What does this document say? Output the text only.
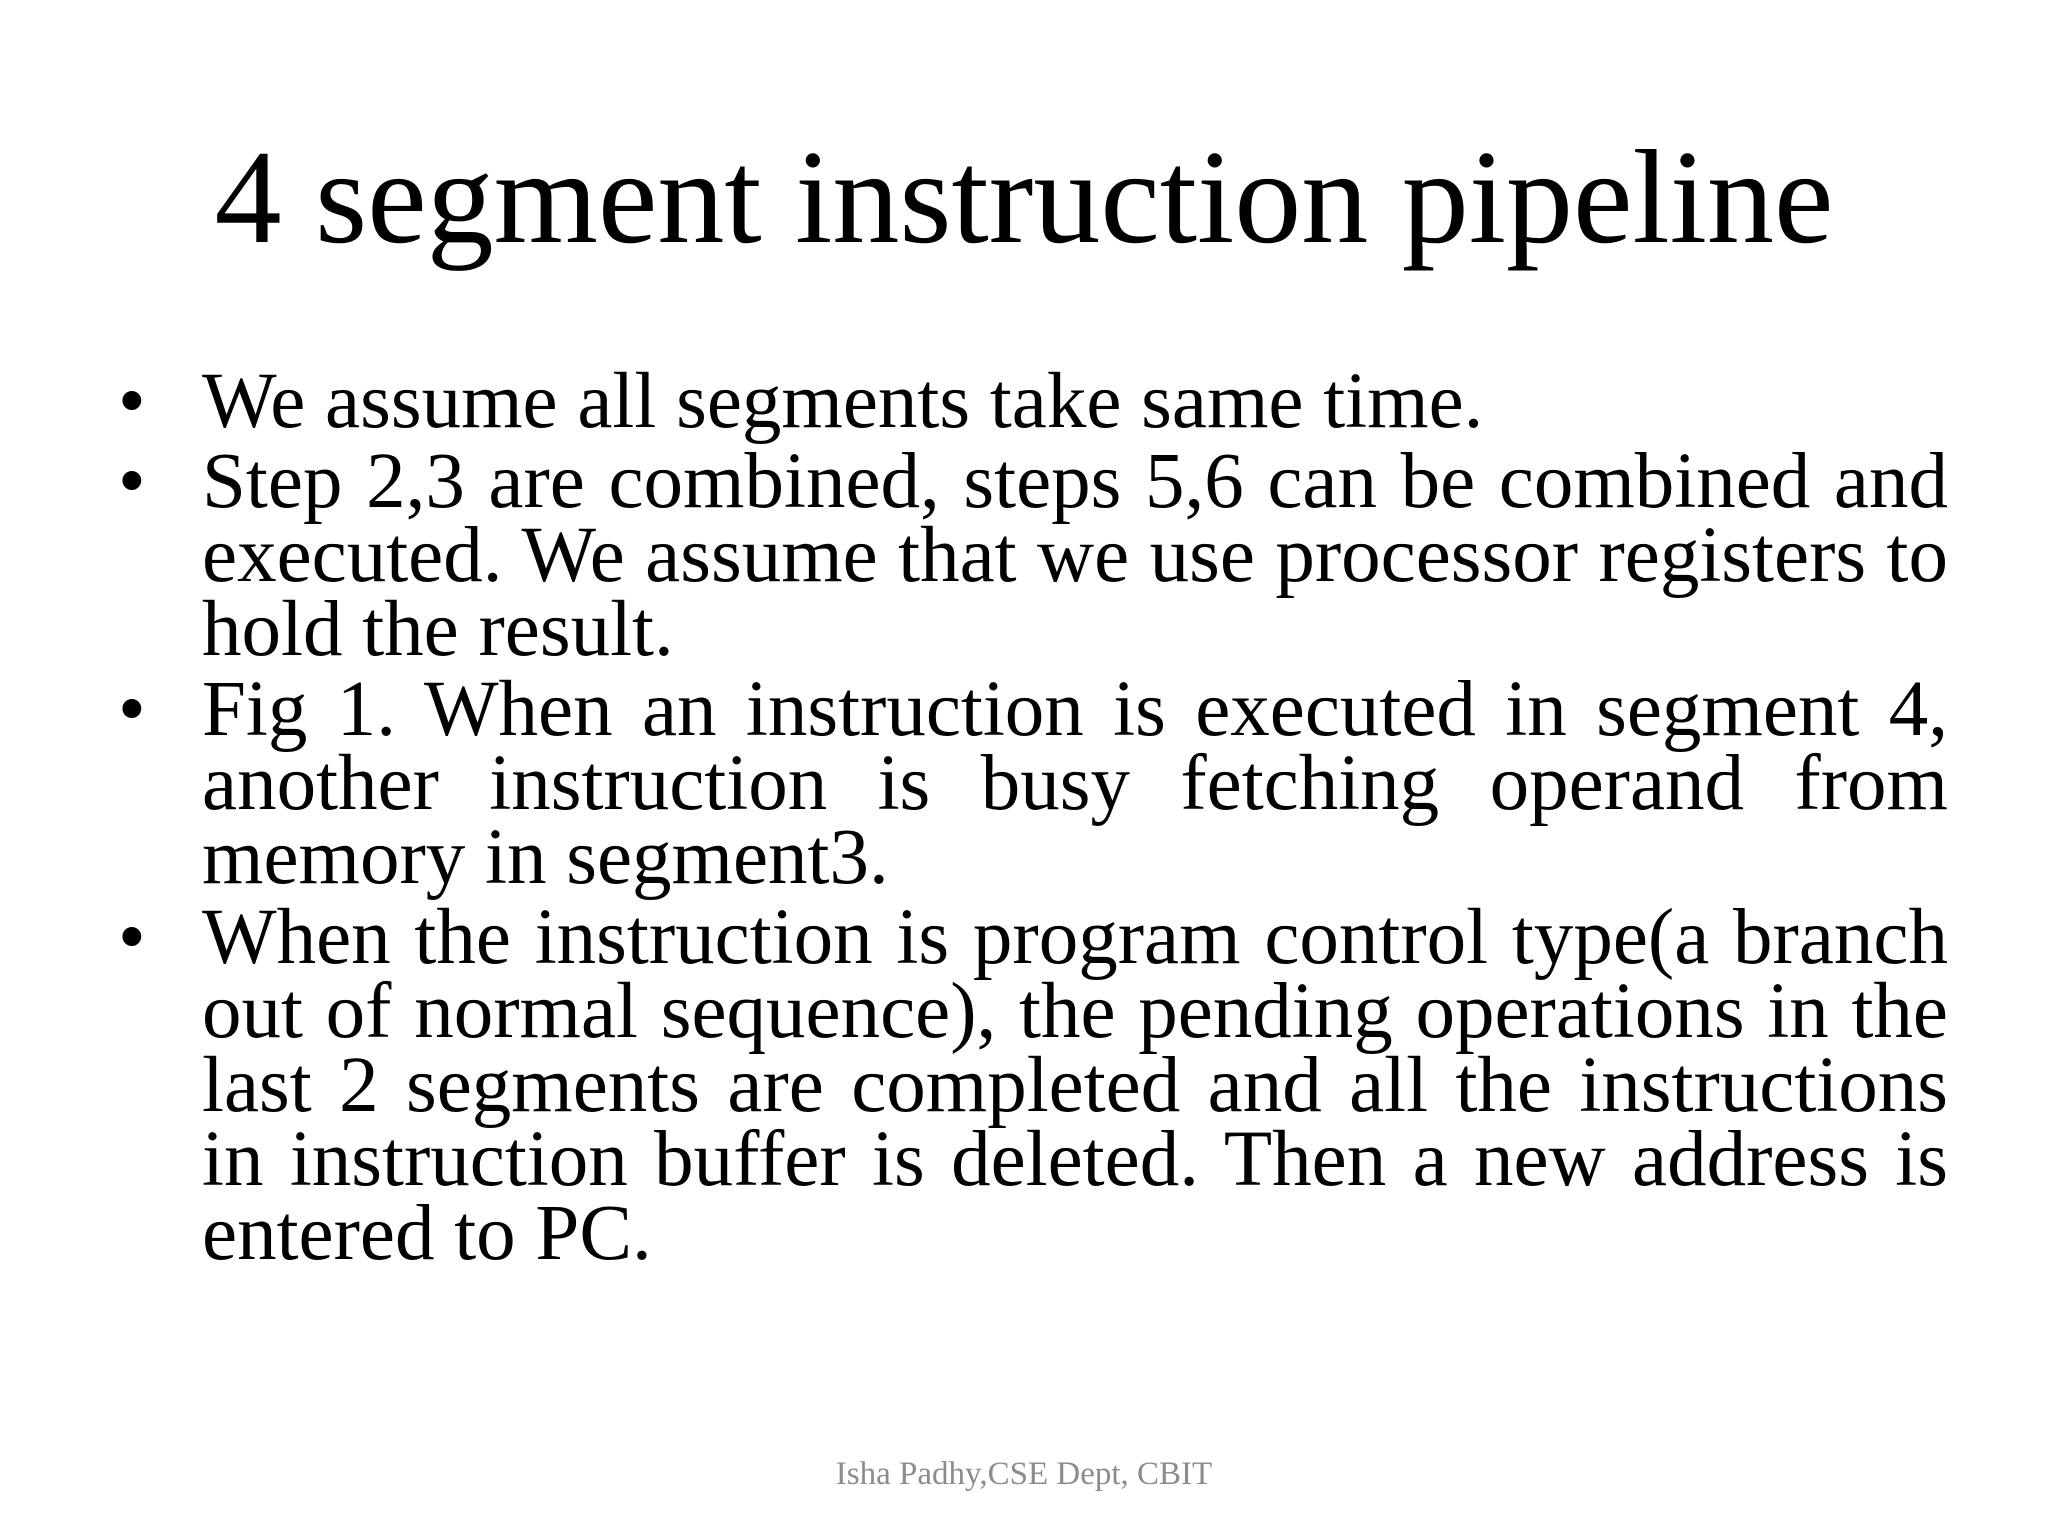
4 segment instruction pipeline
• We assume all segments take same time.
• Step 2,3 are combined, steps 5,6 can be combined and executed. We assume that we use processor registers to hold the result.
• Fig 1. When an instruction is executed in segment 4, another instruction is busy fetching operand from memory in segment3.
• When the instruction is program control type(a branch out of normal sequence), the pending operations in the last 2 segments are completed and all the instructions in instruction buffer is deleted. Then a new address is entered to PC.
Isha Padhy,CSE Dept, CBIT
